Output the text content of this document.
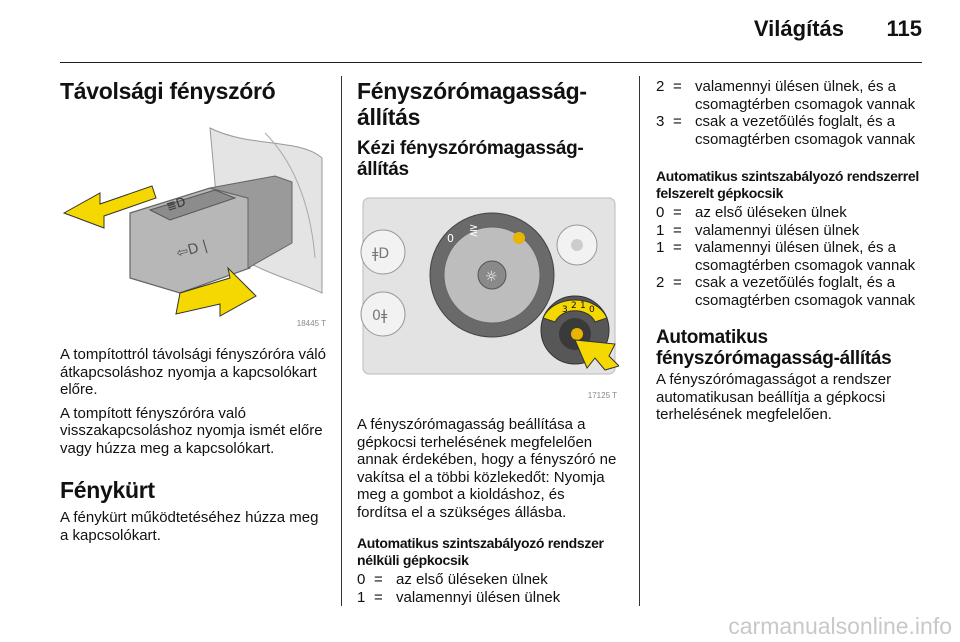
Világítás 115
Távolsági fényszóró
≣D
⇦D |
18445 T

A tompítottról távolsági fényszóróra váló átkapcsoláshoz nyomja a kapcsolókart előre.

A tompított fényszóróra való visszakapcsoláshoz nyomja ismét előre vagy húzza meg a kapcsolókart.

Fénykürt

A fénykürt működtetéséhez húzza meg a kapcsolókart.

Fényszórómagasság-állítás
Kézi fényszórómagasság-állítás
ǂD
0ǂ
☼
0
⋛
3 2 1 0
17125 T

A fényszórómagasság beállítása a gépkocsi terhelésének megfelelően annak érdekében, hogy a fényszóró ne vakítsa el a többi közlekedőt: Nyomja meg a gombot a kioldáshoz, és fordítsa el a szükséges állásba.

Automatikus szintszabályozó rendszer nélküli gépkocsik
0 = az első üléseken ülnek
1 = valamennyi ülésen ülnek
2 = valamennyi ülésen ülnek, és a csomagtérben csomagok vannak
3 = csak a vezetőülés foglalt, és a csomagtérben csomagok vannak
Automatikus szintszabályozó rendszerrel felszerelt gépkocsik
0 = az első üléseken ülnek
1 = valamennyi ülésen ülnek
1 = valamennyi ülésen ülnek, és a csomagtérben csomagok vannak
2 = csak a vezetőülés foglalt, és a csomagtérben csomagok vannak
Automatikus fényszórómagasság-állítás

A fényszórómagasságot a rendszer automatikusan beállítja a gépkocsi terhelésének megfelelően.

carmanualsonline.info
